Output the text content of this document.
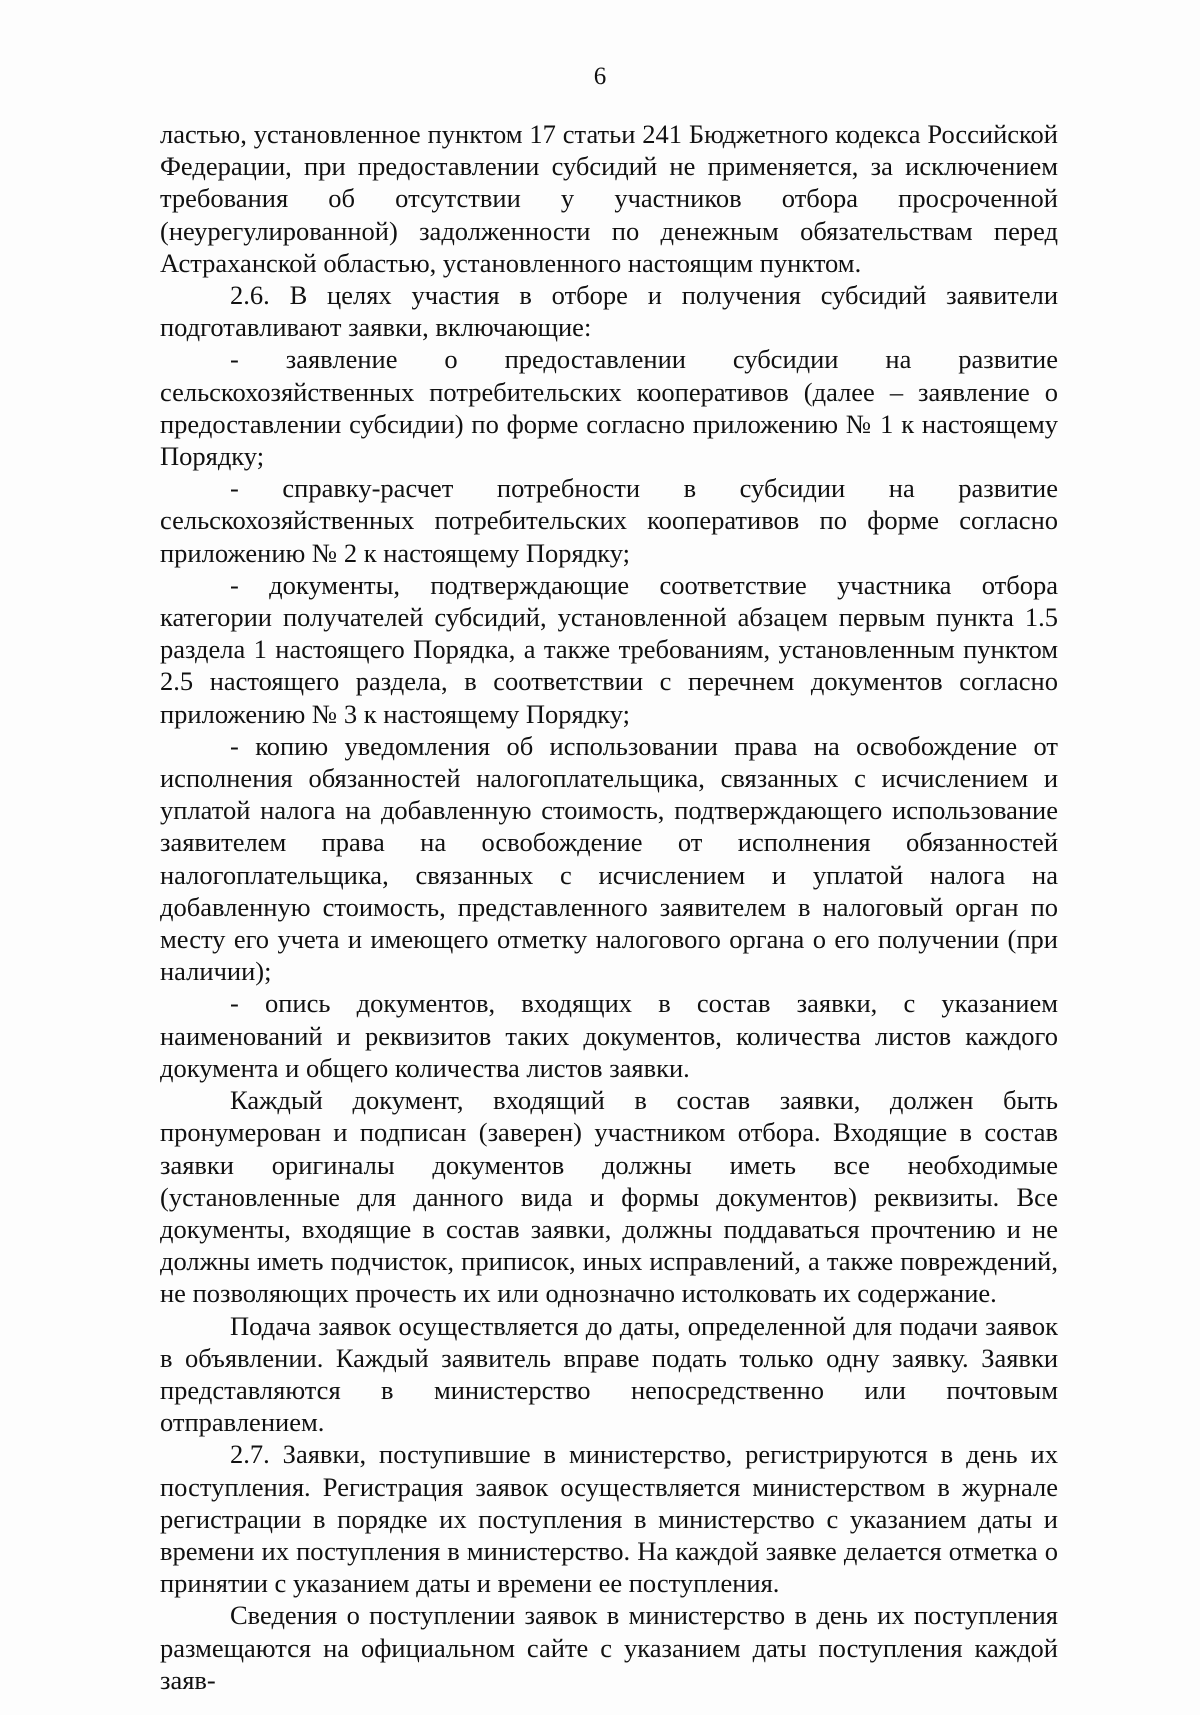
6

ластью, установленное пунктом 17 статьи 241 Бюджетного кодекса Российской Федерации, при предоставлении субсидий не применяется, за исключением требования об отсутствии у участников отбора просроченной (неурегулированной) задолженности по денежным обязательствам перед Астраханской областью, установленного настоящим пунктом.

2.6. В целях участия в отборе и получения субсидий заявители подготавливают заявки, включающие:

- заявление о предоставлении субсидии на развитие сельскохозяйственных потребительских кооперативов (далее – заявление о предоставлении субсидии) по форме согласно приложению № 1 к настоящему Порядку;

- справку-расчет потребности в субсидии на развитие сельскохозяйственных потребительских кооперативов по форме согласно приложению № 2 к настоящему Порядку;

- документы, подтверждающие соответствие участника отбора категории получателей субсидий, установленной абзацем первым пункта 1.5 раздела 1 настоящего Порядка, а также требованиям, установленным пунктом 2.5 настоящего раздела, в соответствии с перечнем документов согласно приложению № 3 к настоящему Порядку;

- копию уведомления об использовании права на освобождение от исполнения обязанностей налогоплательщика, связанных с исчислением и уплатой налога на добавленную стоимость, подтверждающего использование заявителем права на освобождение от исполнения обязанностей налогоплательщика, связанных с исчислением и уплатой налога на добавленную стоимость, представленного заявителем в налоговый орган по месту его учета и имеющего отметку налогового органа о его получении (при наличии);

- опись документов, входящих в состав заявки, с указанием наименований и реквизитов таких документов, количества листов каждого документа и общего количества листов заявки.

Каждый документ, входящий в состав заявки, должен быть пронумерован и подписан (заверен) участником отбора. Входящие в состав заявки оригиналы документов должны иметь все необходимые (установленные для данного вида и формы документов) реквизиты. Все документы, входящие в состав заявки, должны поддаваться прочтению и не должны иметь подчисток, приписок, иных исправлений, а также повреждений, не позволяющих прочесть их или однозначно истолковать их содержание.

Подача заявок осуществляется до даты, определенной для подачи заявок в объявлении. Каждый заявитель вправе подать только одну заявку. Заявки представляются в министерство непосредственно или почтовым отправлением.

2.7. Заявки, поступившие в министерство, регистрируются в день их поступления. Регистрация заявок осуществляется министерством в журнале регистрации в порядке их поступления в министерство с указанием даты и времени их поступления в министерство. На каждой заявке делается отметка о принятии с указанием даты и времени ее поступления.

Сведения о поступлении заявок в министерство в день их поступления размещаются на официальном сайте с указанием даты поступления каждой заяв-
